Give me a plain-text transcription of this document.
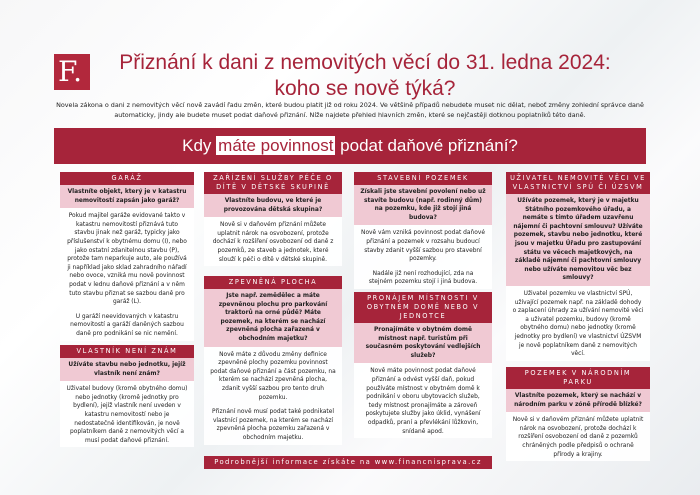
F.	Přiznání k dani z nemovitých věcí do 31. ledna 2024:
koho se nově týká?
Novela zákona o dani z nemovitých věcí nově zavádí řadu změn, které budou platit již od roku 2024. Ve většině případů nebudete muset nic dělat, neboť změny zohlední správce daně automaticky, jindy ale budete muset podat daňové přiznání. Níže najdete přehled hlavních změn, které se nejčastěji dotknou poplatníků této daně.
Kdy máte povinnost podat daňové přiznání?
GARÁŽ
Vlastníte objekt, který je v katastru nemovitostí zapsán jako garáž?
Pokud majitel garáže evidované takto v katastru nemovitostí přiznává tuto stavbu jinak než garáž, typicky jako příslušenství k obytnému domu (I), nebo jako ostatní zdanitelnou stavbu (P), protože tam neparkuje auto, ale používá ji například jako sklad zahradního nářadí nebo ovoce, vzniká mu nově povinnost podat v lednu daňové přiznání a v něm tuto stavbu přiznat se sazbou daně pro garáž (L).
U garáží neevidovaných v katastru nemovitostí a garáží daněných sazbou daně pro podnikání se nic nemění.
VLASTNÍK NENÍ ZNÁM
Užíváte stavbu nebo jednotku, jejíž vlastník není znám?
Uživatel budovy (kromě obytného domu) nebo jednotky (kromě jednotky pro bydlení), jejíž vlastník není uveden v katastru nemovitostí nebo je nedostatečně identifikován, je nově poplatníkem daně z nemovitých věcí a musí podat daňové přiznání.
ZAŘÍZENÍ SLUŽBY PÉČE O DÍTĚ V DĚTSKÉ SKUPINĚ
Vlastníte budovu, ve které je provozována dětská skupina?
Nově si v daňovém přiznání můžete uplatnit nárok na osvobození, protože dochází k rozšíření osvobození od daně z pozemků, ze staveb a jednotek, které slouží k péči o dítě v dětské skupině.
ZPEVNĚNÁ PLOCHA
Jste např. zemědělec a máte zpevněnou plochu pro parkování traktorů na orné půdě? Máte pozemek, na kterém se nachází zpevněná plocha zařazená v obchodním majetku?
Nově máte z důvodu změny definice zpevněné plochy pozemku povinnost podat daňové přiznání a část pozemku, na kterém se nachází zpevněná plocha, zdanit vyšší sazbou pro tento druh pozemku.
Přiznání nově musí podat také podnikatel vlastnící pozemek, na kterém se nachází zpevněná plocha pozemku zařazená v obchodním majetku.
STAVEBNÍ POZEMEK
Získali jste stavební povolení nebo už stavíte budovu (např. rodinný dům) na pozemku, kde již stojí jiná budova?
Nově vám vzniká povinnost podat daňové přiznání a pozemek v rozsahu budoucí stavby zdanit vyšší sazbou pro stavební pozemky.
Nadále již není rozhodující, zda na stejném pozemku stojí i jiná budova.
PRONÁJEM MÍSTNOSTI V OBYTNÉM DOMĚ NEBO V JEDNOTCE
Pronajímáte v obytném domě místnost např. turistům při současném poskytování vedlejších služeb?
Nově máte povinnost podat daňové přiznání a odvést vyšší daň, pokud používáte místnost v obytném domě k podnikání v oboru ubytovacích služeb, tedy místnost pronajímáte a zároveň poskytujete služby jako úklid, vynášení odpadků, praní a převlékání lůžkovin, snídaně apod.
UŽIVATEL NEMOVITÉ VĚCI VE VLASTNICTVÍ SPÚ ČI ÚZSVM
Užíváte pozemek, který je v majetku Státního pozemkového úřadu, a nemáte s tímto úřadem uzavřenu nájemní či pachtovní smlouvu? Užíváte pozemek, stavbu nebo jednotku, které jsou v majetku Úřadu pro zastupování státu ve věcech majetkových, na základě nájemní či pachtovní smlouvy nebo užíváte nemovitou věc bez smlouvy?
Uživatel pozemku ve vlastnictví SPÚ, užívající pozemek např. na základě dohody o zaplacení úhrady za užívání nemovité věci a uživatel pozemku, budovy (kromě obytného domu) nebo jednotky (kromě jednotky pro bydlení) ve vlastnictví ÚZSVM je nově poplatníkem daně z nemovitých věcí.
POZEMEK V NÁRODNÍM PARKU
Vlastníte pozemek, který se nachází v národním parku v zóně přírodě blízké?
Nově si v daňovém přiznání můžete uplatnit nárok na osvobození, protože dochází k rozšíření osvobození od daně z pozemků chráněných podle předpisů o ochraně přírody a krajiny.
Podrobnější informace získáte na www.financnisprava.cz
